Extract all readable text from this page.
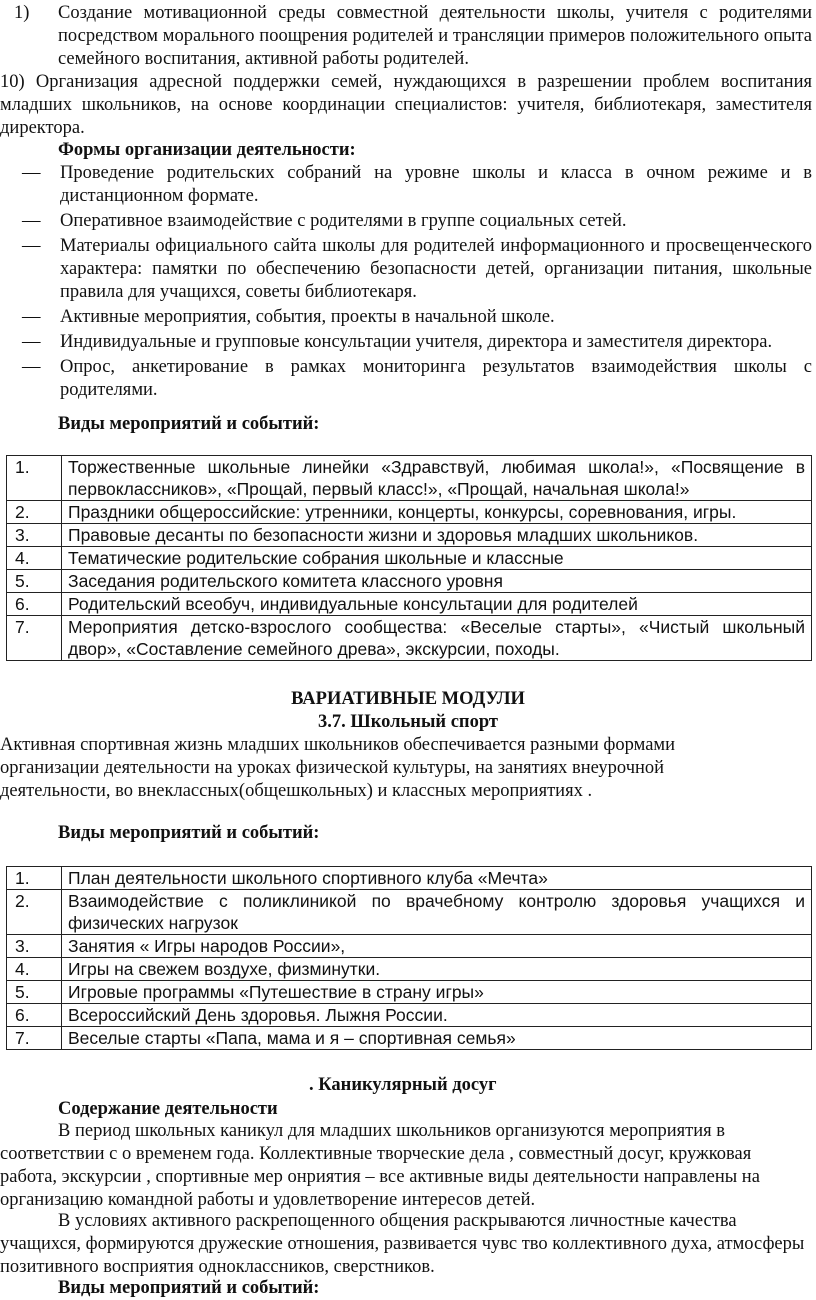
1) Создание мотивационной среды совместной деятельности школы, учителя с родителями посредством морального поощрения родителей и трансляции примеров положительного опыта семейного воспитания, активной работы родителей.
10) Организация адресной поддержки семей, нуждающихся в разрешении проблем воспитания младших школьников, на основе координации специалистов: учителя, библиотекаря, заместителя директора.
Формы организации деятельности:
— Проведение родительских собраний на уровне школы и класса в очном режиме и в дистанционном формате.
— Оперативное взаимодействие с родителями в группе социальных сетей.
— Материалы официального сайта школы для родителей информационного и просвещенческого характера: памятки по обеспечению безопасности детей, организации питания, школьные правила для учащихся, советы библиотекаря.
— Активные мероприятия, события, проекты в начальной школе.
— Индивидуальные и групповые консультации учителя, директора и заместителя директора.
— Опрос, анкетирование в рамках мониторинга результатов взаимодействия школы с родителями.
Виды мероприятий и событий:
1.	Торжественные школьные линейки «Здравствуй, любимая школа!», «Посвящение в первоклассников», «Прощай, первый класс!», «Прощай, начальная школа!»
2.	Праздники общероссийские: утренники, концерты, конкурсы, соревнования, игры.
3.	Правовые десанты по безопасности жизни и здоровья младших школьников.
4.	Тематические родительские собрания школьные и классные
5.	Заседания родительского комитета классного уровня
6.	Родительский всеобуч, индивидуальные консультации для родителей
7.	Мероприятия детско-взрослого сообщества: «Веселые старты», «Чистый школьный двор», «Составление семейного древа», экскурсии, походы.
ВАРИАТИВНЫЕ МОДУЛИ
3.7. Школьный спорт
Активная спортивная жизнь младших школьников обеспечивается разными формами организации деятельности на уроках физической культуры, на занятиях внеурочной деятельности, во внеклассных(общешкольных) и классных мероприятиях .
Виды мероприятий и событий:
1.	План деятельности школьного спортивного клуба «Мечта»
2.	Взаимодействие с поликлиникой по врачебному контролю здоровья учащихся и физических нагрузок
3.	Занятия « Игры народов России»,
4.	Игры на свежем воздухе, физминутки.
5.	Игровые программы «Путешествие в страну игры»
6.	Всероссийский День здоровья. Лыжня России.
7.	Веселые старты «Папа, мама и я – спортивная семья»
. Каникулярный досуг
Содержание деятельности
В период школьных каникул для младших школьников организуются мероприятия в соответствии с о временем года. Коллективные творческие дела , совместный досуг, кружковая работа, экскурсии , спортивные мер онриятия – все активные виды деятельности направлены на организацию командной работы и удовлетворение интересов детей.
В условиях активного раскрепощенного общения раскрываются личностные качества учащихся, формируются дружеские отношения, развивается чувс тво коллективного духа, атмосферы позитивного восприятия одноклассников, сверстников.
Виды мероприятий и событий:
